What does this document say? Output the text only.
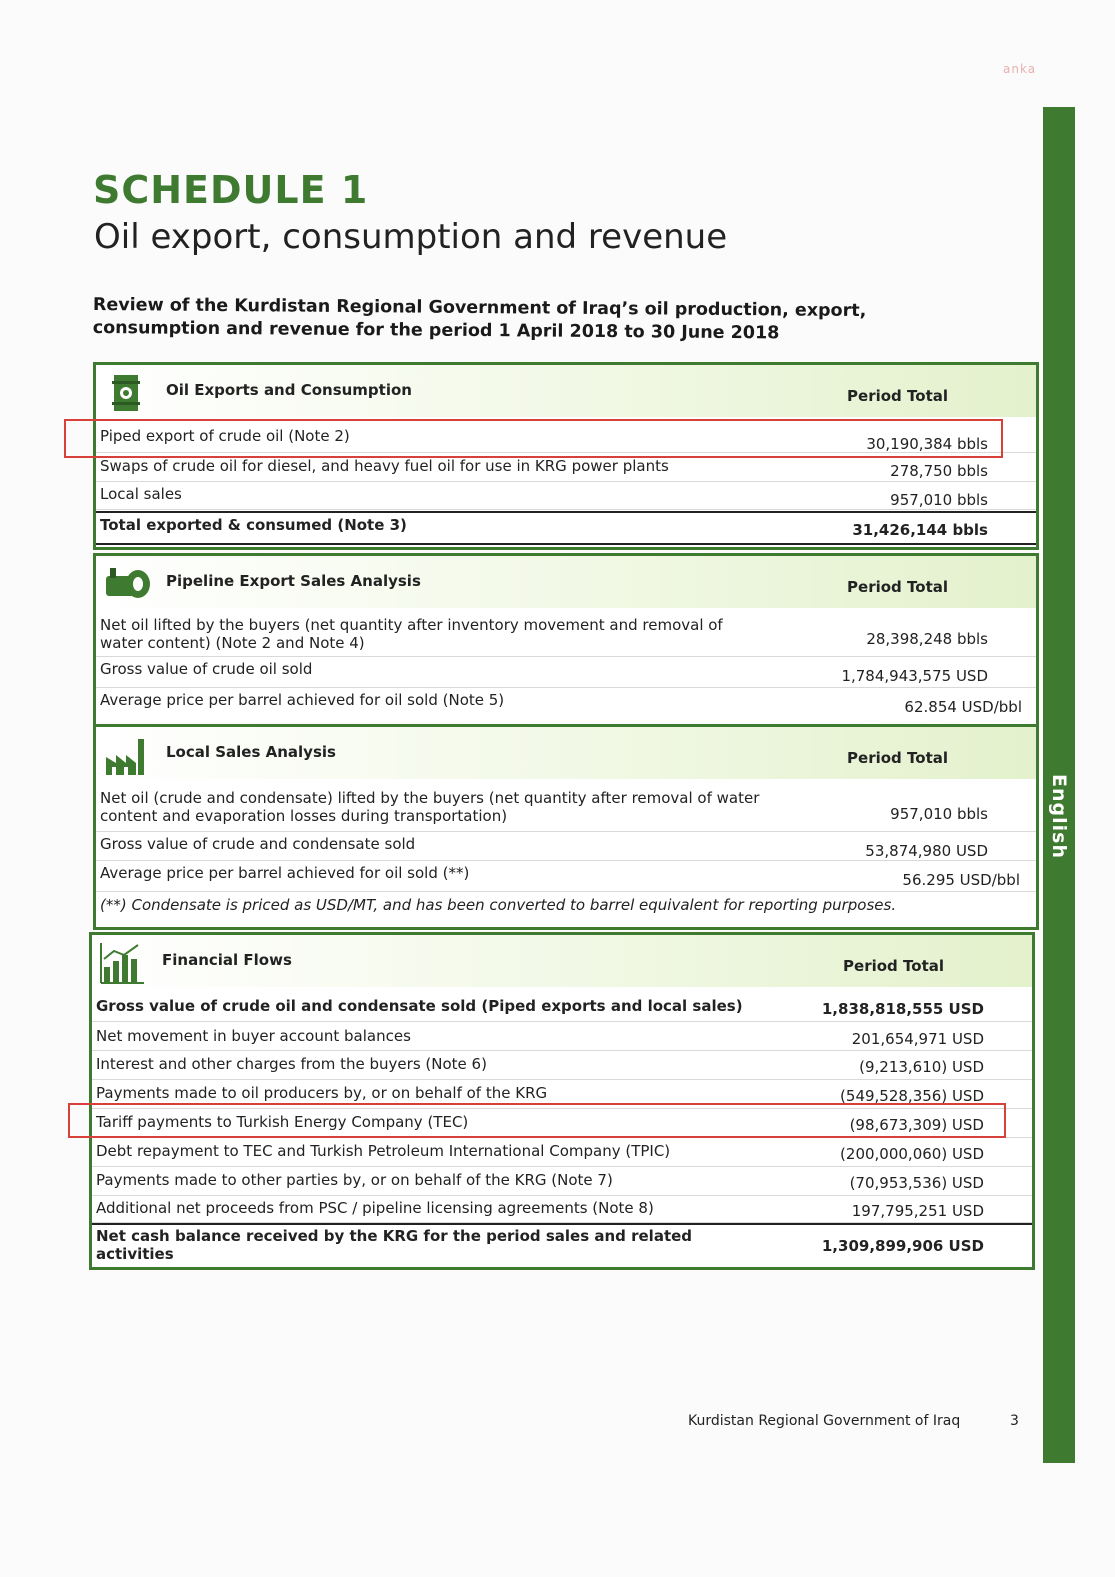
anka
English
SCHEDULE 1
Oil export, consumption and revenue
Review of the Kurdistan Regional Government of Iraq’s oil production, export, consumption and revenue for the period 1 April 2018 to 30 June 2018
Oil Exports and Consumption	Period Total
Piped export of crude oil (Note 2)	30,190,384 bbls
Swaps of crude oil for diesel, and heavy fuel oil for use in KRG power plants	278,750 bbls
Local sales	957,010 bbls
Total exported & consumed (Note 3)	31,426,144 bbls
Pipeline Export Sales Analysis	Period Total
Net oil lifted by the buyers (net quantity after inventory movement and removal of water content) (Note 2 and Note 4)	28,398,248 bbls
Gross value of crude oil sold	1,784,943,575 USD
Average price per barrel achieved for oil sold (Note 5)	62.854 USD/bbl
Local Sales Analysis	Period Total
Net oil (crude and condensate) lifted by the buyers (net quantity after removal of water content and evaporation losses during transportation)	957,010 bbls
Gross value of crude and condensate sold	53,874,980 USD
Average price per barrel achieved for oil sold (**)	56.295 USD/bbl
(**) Condensate is priced as USD/MT, and has been converted to barrel equivalent for reporting purposes.
Financial Flows	Period Total
Gross value of crude oil and condensate sold (Piped exports and local sales)	1,838,818,555 USD
Net movement in buyer account balances	201,654,971 USD
Interest and other charges from the buyers (Note 6)	(9,213,610) USD
Payments made to oil producers by, or on behalf of the KRG	(549,528,356) USD
Tariff payments to Turkish Energy Company (TEC)	(98,673,309) USD
Debt repayment to TEC and Turkish Petroleum International Company (TPIC)	(200,000,060) USD
Payments made to other parties by, or on behalf of the KRG (Note 7)	(70,953,536) USD
Additional net proceeds from PSC / pipeline licensing agreements (Note 8)	197,795,251 USD
Net cash balance received by the KRG for the period sales and related activities	1,309,899,906 USD
Kurdistan Regional Government of Iraq	3
